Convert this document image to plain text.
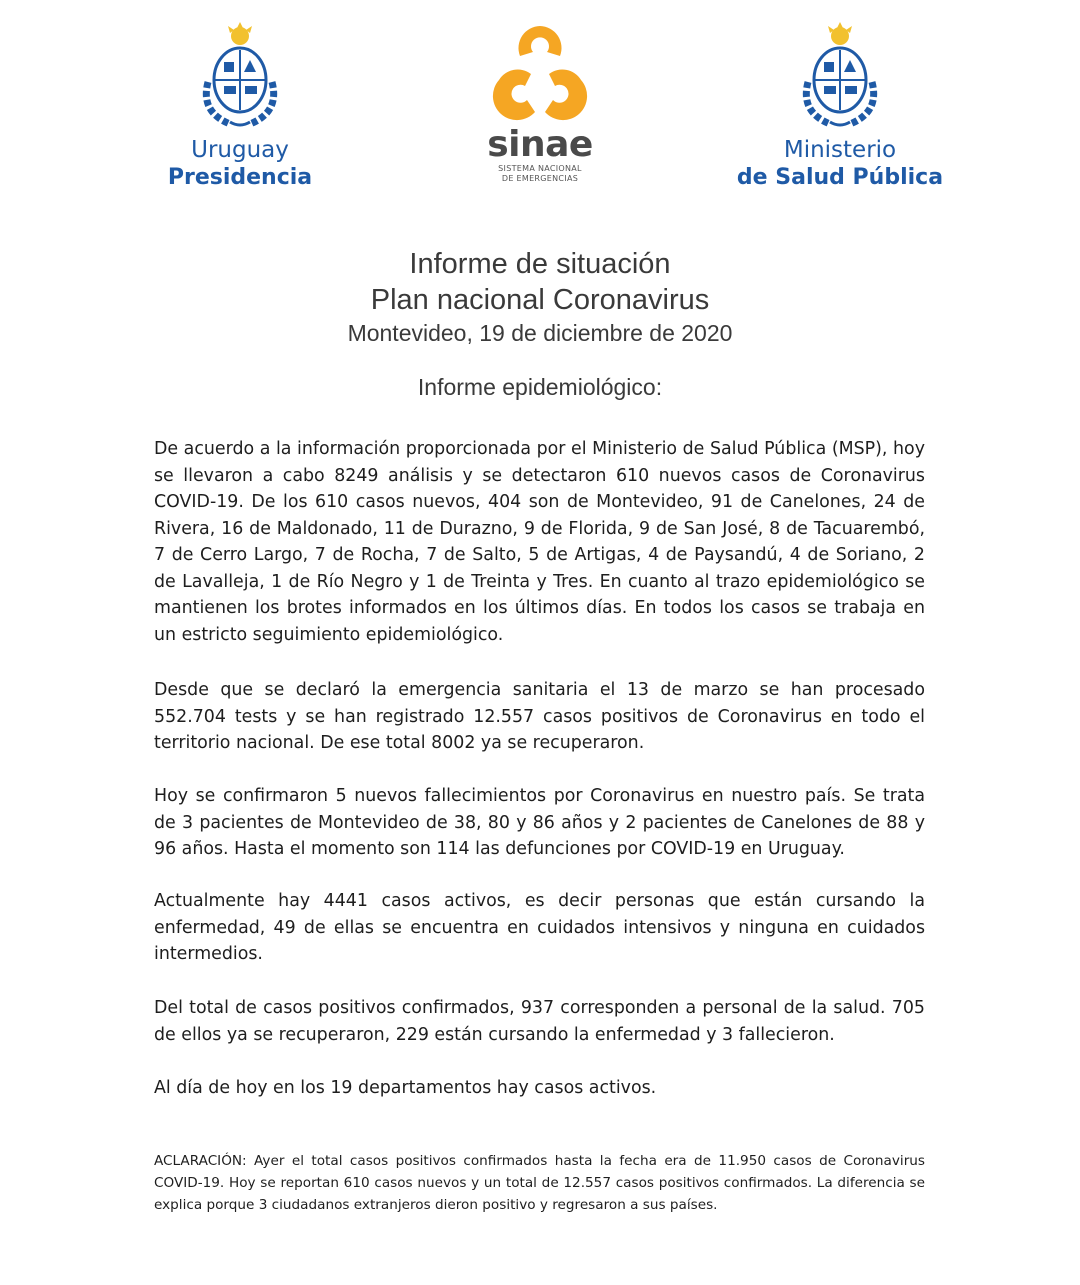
Uruguay
Presidencia
sinae
SISTEMA NACIONAL
DE EMERGENCIAS
Ministerio
de Salud Pública
Informe de situación
Plan nacional Coronavirus
Montevideo, 19 de diciembre de 2020
Informe epidemiológico:
De acuerdo a la información proporcionada por el Ministerio de Salud Pública (MSP), hoy se llevaron a cabo 8249 análisis y se detectaron 610 nuevos casos de Coronavirus COVID-19. De los 610 casos nuevos, 404 son de Montevideo, 91 de Canelones, 24 de Rivera, 16 de Maldonado, 11 de Durazno, 9 de Florida, 9 de San José, 8 de Tacuarembó, 7 de Cerro Largo, 7 de Rocha, 7 de Salto, 5 de Artigas, 4 de Paysandú, 4 de Soriano, 2 de Lavalleja, 1 de Río Negro y 1 de Treinta y Tres. En cuanto al trazo epidemiológico se mantienen los brotes informados en los últimos días. En todos los casos se trabaja en un estricto seguimiento epidemiológico.
Desde que se declaró la emergencia sanitaria el 13 de marzo se han procesado 552.704 tests y se han registrado 12.557 casos positivos de Coronavirus en todo el territorio nacional. De ese total 8002 ya se recuperaron.
Hoy se confirmaron 5 nuevos fallecimientos por Coronavirus en nuestro país. Se trata de 3 pacientes de Montevideo de 38, 80 y 86 años y 2 pacientes de Canelones de 88 y 96 años. Hasta el momento son 114 las defunciones por COVID-19 en Uruguay.
Actualmente hay 4441 casos activos, es decir personas que están cursando la enfermedad, 49 de ellas se encuentra en cuidados intensivos y ninguna en cuidados intermedios.
Del total de casos positivos confirmados, 937 corresponden a personal de la salud. 705 de ellos ya se recuperaron, 229 están cursando la enfermedad y 3 fallecieron.
Al día de hoy en los 19 departamentos hay casos activos.
ACLARACIÓN: Ayer el total casos positivos confirmados hasta la fecha era de 11.950 casos de Coronavirus COVID-19. Hoy se reportan 610 casos nuevos y un total de 12.557 casos positivos confirmados. La diferencia se explica porque 3 ciudadanos extranjeros dieron positivo y regresaron a sus países.
